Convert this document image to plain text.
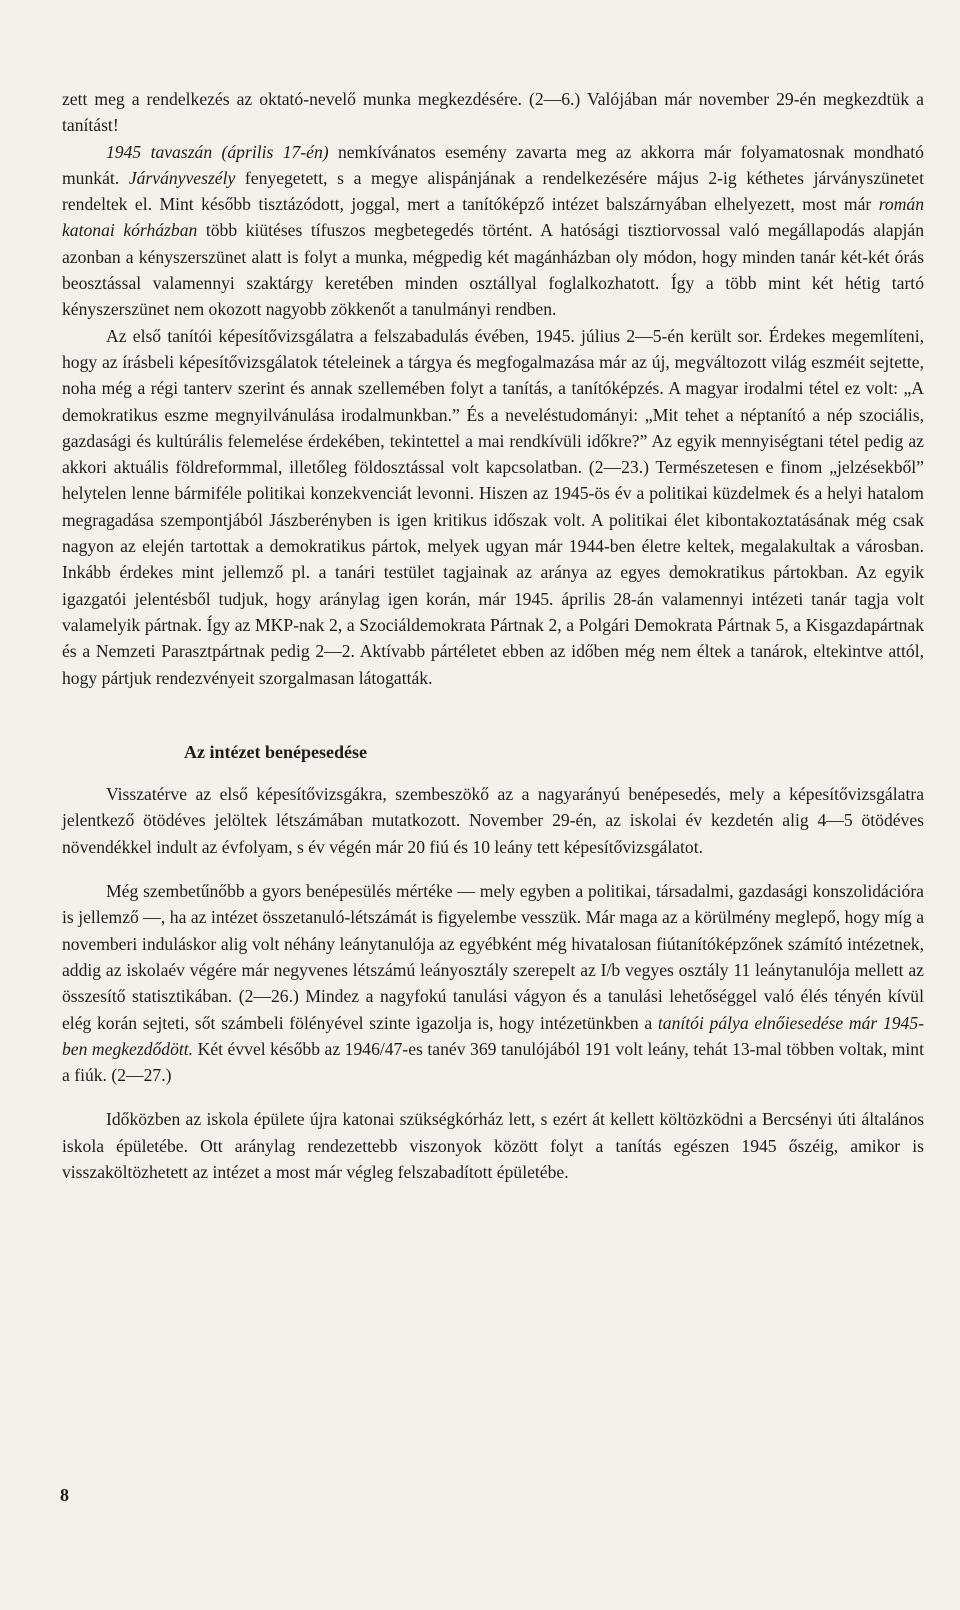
zett meg a rendelkezés az oktató-nevelő munka megkezdésére. (2—6.) Valójában már november 29-én megkezdtük a tanítást!

1945 tavaszán (április 17-én) nemkívánatos esemény zavarta meg az akkorra már folyamatosnak mondható munkát. Járványveszély fenyegetett, s a megye alispánjának a rendelkezésére május 2-ig kéthetes járványszünetet rendeltek el. Mint később tisztázódott, joggal, mert a tanítóképző intézet balszárnyában elhelyezett, most már román katonai kórházban több kiütéses tífuszos megbetegedés történt. A hatósági tisztiorvossal való megállapodás alapján azonban a kényszerszünet alatt is folyt a munka, mégpedig két magánházban oly módon, hogy minden tanár két-két órás beosztással valamennyi szaktárgy keretében minden osztállyal foglalkozhatott. Így a több mint két hétig tartó kényszerszünet nem okozott nagyobb zökkenőt a tanulmányi rendben.

Az első tanítói képesítővizsgálatra a felszabadulás évében, 1945. július 2—5-én került sor. Érdekes megemlíteni, hogy az írásbeli képesítővizsgálatok tételeinek a tárgya és megfogalmazása már az új, megváltozott világ eszméit sejtette, noha még a régi tanterv szerint és annak szellemében folyt a tanítás, a tanítóképzés. A magyar irodalmi tétel ez volt: „A demokratikus eszme megnyilvánulása irodalmunkban.” És a neveléstudományi: „Mit tehet a néptanító a nép szociális, gazdasági és kultúrális felemelése érdekében, tekintettel a mai rendkívüli időkre?” Az egyik mennyiségtani tétel pedig az akkori aktuális földreformmal, illetőleg földosztással volt kapcsolatban. (2—23.) Természetesen e finom „jelzésekből” helytelen lenne bármiféle politikai konzekvenciát levonni. Hiszen az 1945-ös év a politikai küzdelmek és a helyi hatalom megragadása szempontjából Jászberényben is igen kritikus időszak volt. A politikai élet kibontakoztatásának még csak nagyon az elején tartottak a demokratikus pártok, melyek ugyan már 1944-ben életre keltek, megalakultak a városban. Inkább érdekes mint jellemző pl. a tanári testület tagjainak az aránya az egyes demokratikus pártokban. Az egyik igazgatói jelentésből tudjuk, hogy aránylag igen korán, már 1945. április 28-án valamennyi intézeti tanár tagja volt valamelyik pártnak. Így az MKP-nak 2, a Szociáldemokrata Pártnak 2, a Polgári Demokrata Pártnak 5, a Kisgazdapártnak és a Nemzeti Parasztpártnak pedig 2—2. Aktívabb pártéletet ebben az időben még nem éltek a tanárok, eltekintve attól, hogy pártjuk rendezvényeit szorgalmasan látogatták.

Az intézet benépesedése

Visszatérve az első képesítővizsgákra, szembeszökő az a nagyarányú benépesedés, mely a képesítővizsgálatra jelentkező ötödéves jelöltek létszámában mutatkozott. November 29-én, az iskolai év kezdetén alig 4—5 ötödéves növendékkel indult az évfolyam, s év végén már 20 fiú és 10 leány tett képesítővizsgálatot.

Még szembetűnőbb a gyors benépesülés mértéke — mely egyben a politikai, társadalmi, gazdasági konszolidációra is jellemző —, ha az intézet összetanuló-létszámát is figyelembe vesszük. Már maga az a körülmény meglepő, hogy míg a novemberi induláskor alig volt néhány leánytanulója az egyébként még hivatalosan fiútanítóképzőnek számító intézetnek, addig az iskolaév végére már negyvenes létszámú leányosztály szerepelt az I/b vegyes osztály 11 leánytanulója mellett az összesítő statisztikában. (2—26.) Mindez a nagyfokú tanulási vágyon és a tanulási lehetőséggel való élés tényén kívül elég korán sejteti, sőt számbeli fölényével szinte igazolja is, hogy intézetünkben a tanítói pálya elnőiesedése már 1945-ben megkezdődött. Két évvel később az 1946/47-es tanév 369 tanulójából 191 volt leány, tehát 13-mal többen voltak, mint a fiúk. (2—27.)

Időközben az iskola épülete újra katonai szükségkórház lett, s ezért át kellett költözködni a Bercsényi úti általános iskola épületébe. Ott aránylag rendezettebb viszonyok között folyt a tanítás egészen 1945 őszéig, amikor is visszaköltözhetett az intézet a most már végleg felszabadított épületébe.

8
